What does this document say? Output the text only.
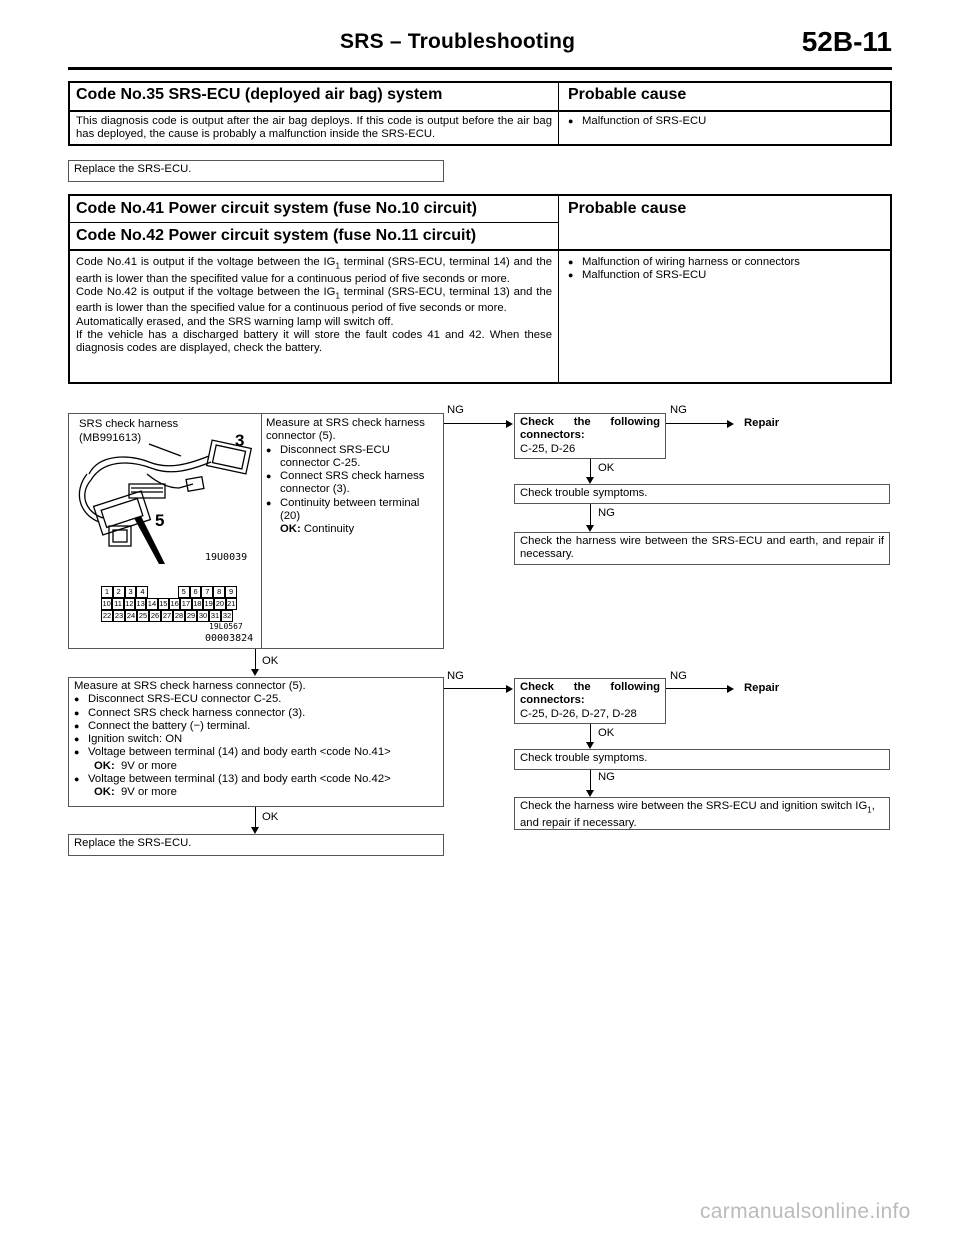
SRS – Troubleshooting	52B-11
Code No.35 SRS-ECU (deployed air bag) system	Probable cause
This diagnosis code is output after the air bag deploys. If this code is output before the air bag has deployed, the cause is probably a malfunction inside the SRS-ECU.
● Malfunction of SRS-ECU
Replace the SRS-ECU.
Code No.41 Power circuit system (fuse No.10 circuit)
Code No.42 Power circuit system (fuse No.11 circuit)
Probable cause
Code No.41 is output if the voltage between the $IG_1$ terminal (SRS-ECU, terminal 14) and the earth is lower than the specifited value for a continuous period of five seconds or more.
Code No.42 is output if the voltage between the $IG_1$ terminal (SRS-ECU, terminal 13) and the earth is lower than the specified value for a continuous period of five seconds or more.
Automatically erased, and the SRS warning lamp will switch off.
If the vehicle has a discharged battery it will store the fault codes 41 and 42. When these diagnosis codes are displayed, check the battery.
● Malfunction of wiring harness or connectors
● Malfunction of SRS-ECU
SRS check harness
(MB991613)	3
5
19U0039
1	2	3	4	5	6	7	8	9
10 11 12 13 14 15 16 17 18 19 20 21
22 23 24 25 26 27 28 29 30 31 32
19L0567
00003824
Measure at SRS check harness connector (5).
● Disconnect SRS-ECU connector C-25.
● Connect SRS check harness connector (3).
● Continuity between terminal (20)
OK: Continuity
NG
Check the following connectors:
C-25, D-26
NG
Repair
OK
Check trouble symptoms.
NG
Check the harness wire between the SRS-ECU and earth, and repair if necessary.
OK
Measure at SRS check harness connector (5).
● Disconnect SRS-ECU connector C-25.
● Connect SRS check harness connector (3).
● Connect the battery (−) terminal.
● Ignition switch: ON
● Voltage between terminal (14) and body earth <code No.41>
OK: 9V or more
● Voltage between terminal (13) and body earth <code No.42>
OK: 9V or more
NG
Check the following connectors:
C-25, D-26, D-27, D-28
NG
Repair
OK
Check trouble symptoms.
NG
Check the harness wire between the SRS-ECU and ignition switch $IG_1$, and repair if necessary.
OK
Replace the SRS-ECU.
carmanualsonline.info
